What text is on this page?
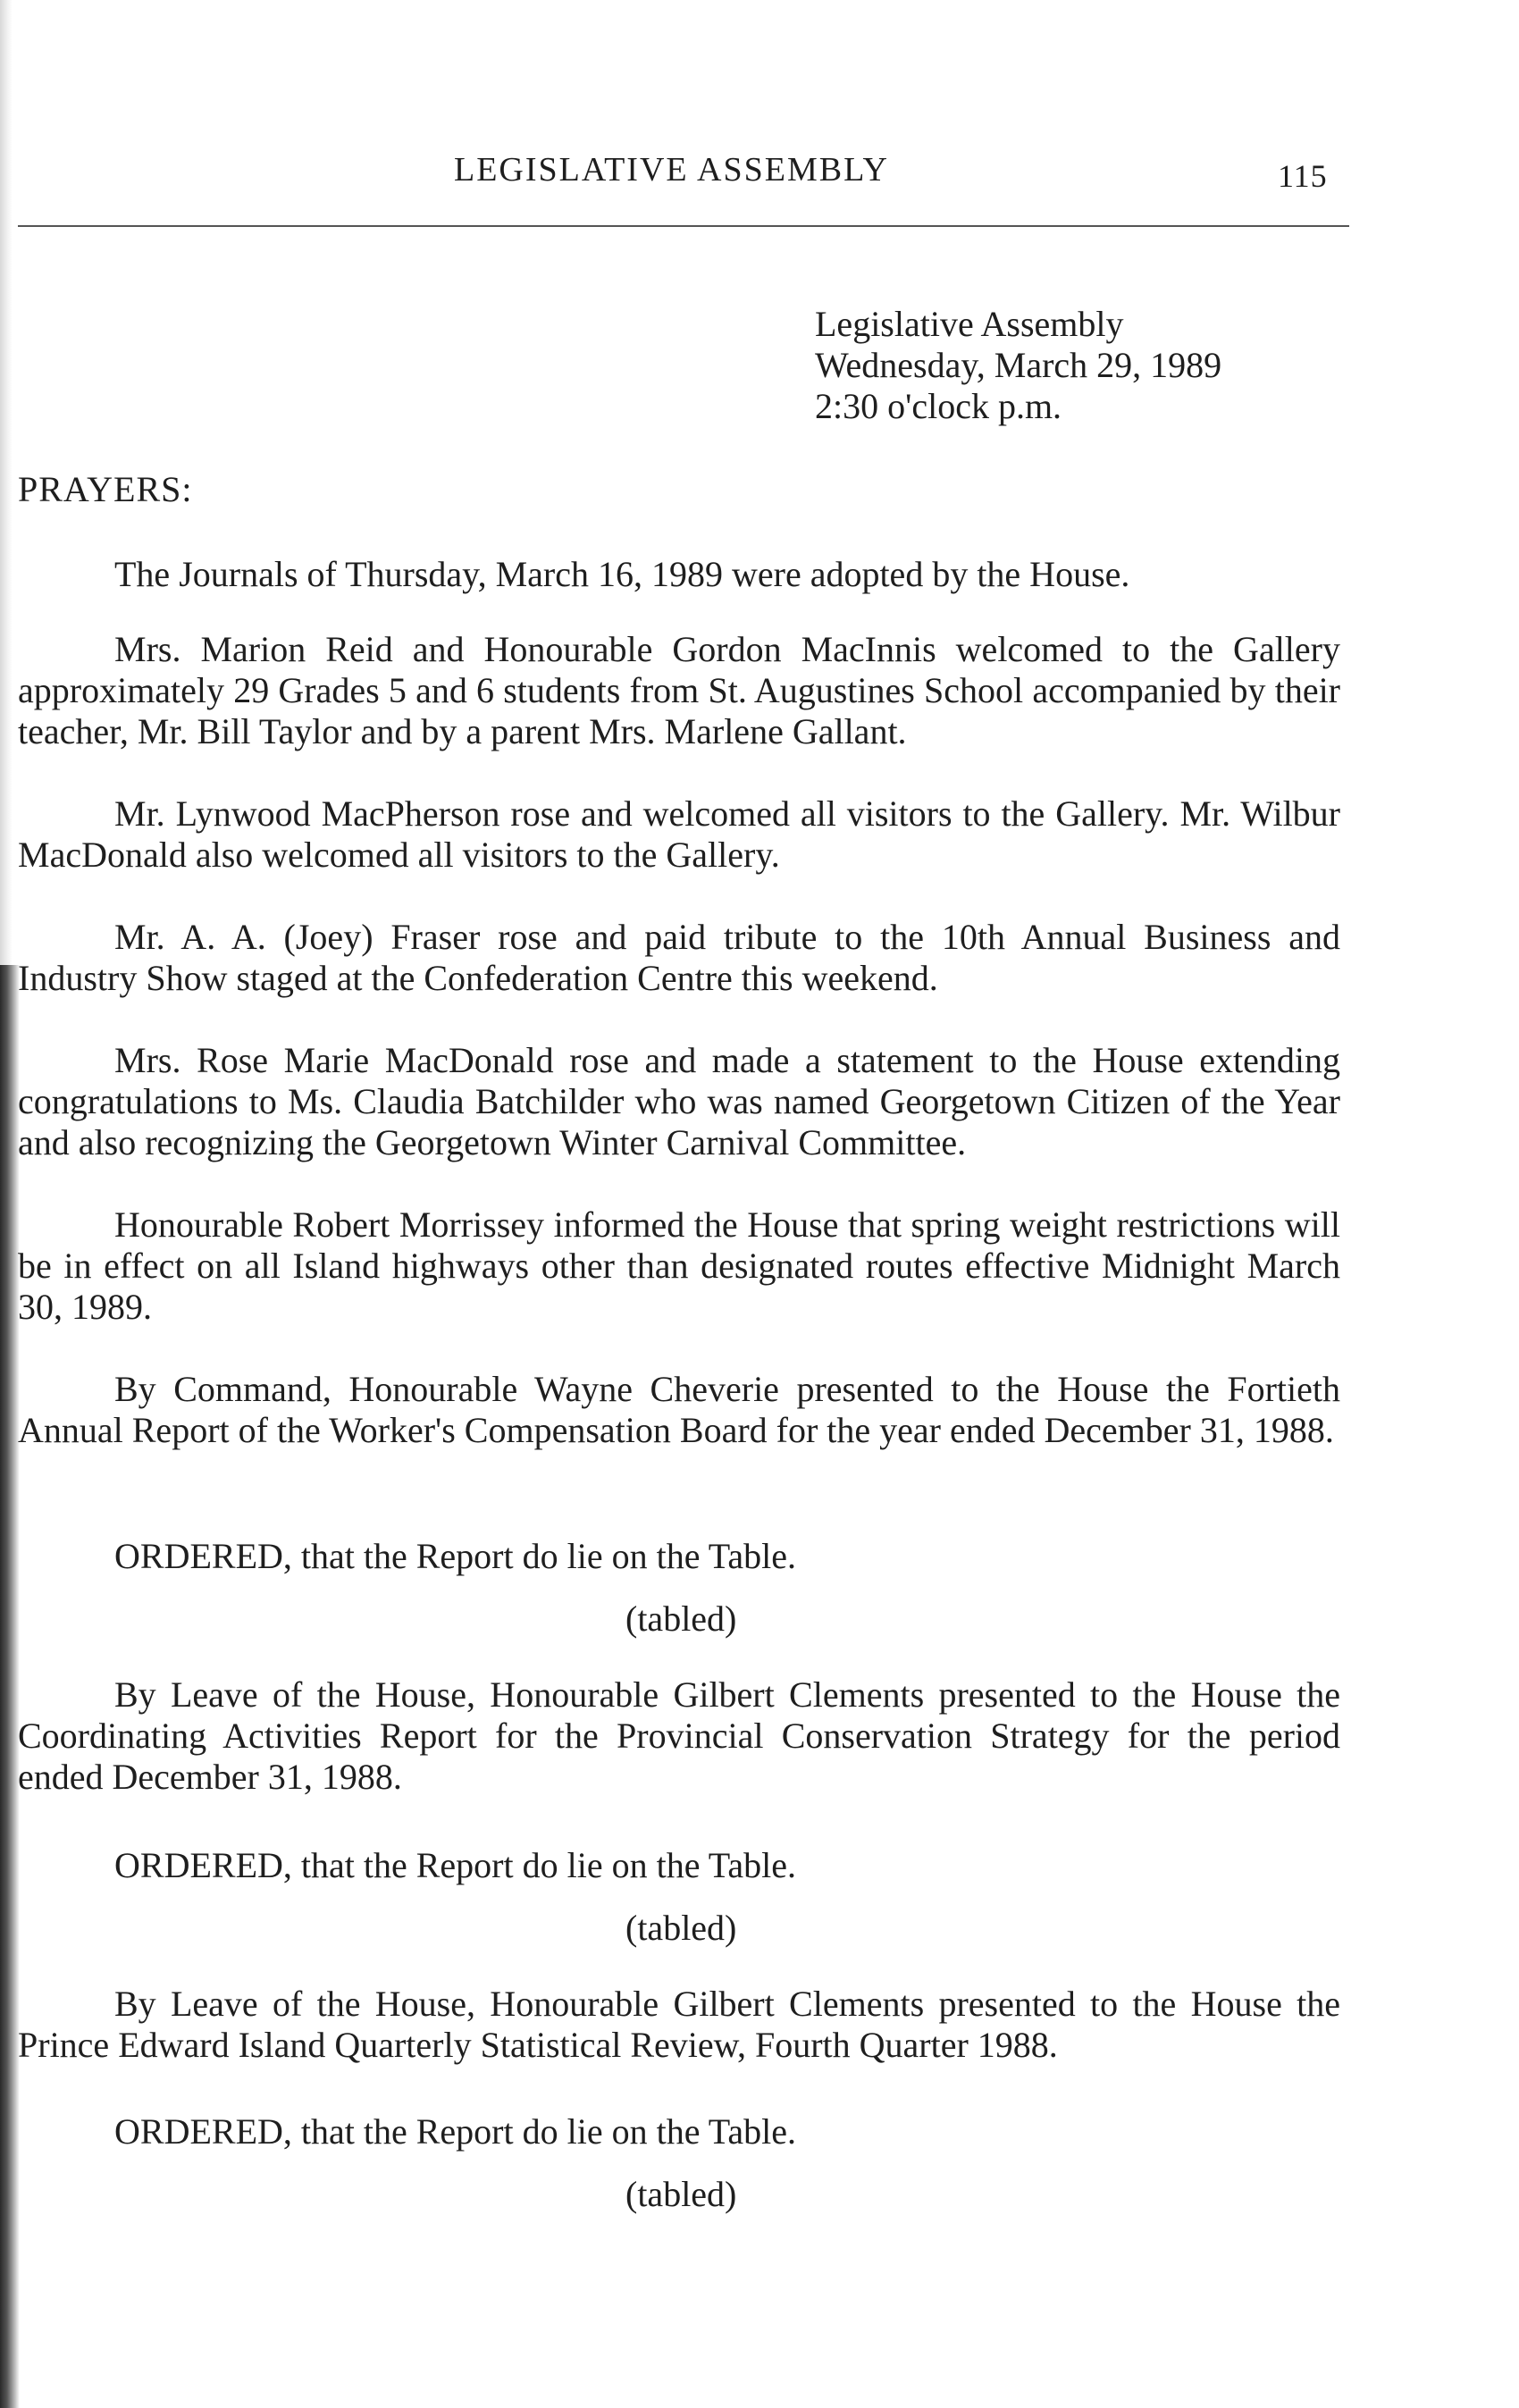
LEGISLATIVE ASSEMBLY	115
Legislative Assembly
Wednesday, March 29, 1989
2:30 o'clock p.m.
PRAYERS:

The Journals of Thursday, March 16, 1989 were adopted by the House.

Mrs. Marion Reid and Honourable Gordon MacInnis welcomed to the Gallery approximately 29 Grades 5 and 6 students from St. Augustines School accompanied by their teacher, Mr. Bill Taylor and by a parent Mrs. Marlene Gallant.

Mr. Lynwood MacPherson rose and welcomed all visitors to the Gallery. Mr. Wilbur MacDonald also welcomed all visitors to the Gallery.

Mr. A. A. (Joey) Fraser rose and paid tribute to the 10th Annual Business and Industry Show staged at the Confederation Centre this weekend.

Mrs. Rose Marie MacDonald rose and made a statement to the House extending congratulations to Ms. Claudia Batchilder who was named Georgetown Citizen of the Year and also recognizing the Georgetown Winter Carnival Committee.

Honourable Robert Morrissey informed the House that spring weight restrictions will be in effect on all Island highways other than designated routes effective Midnight March 30, 1989.

By Command, Honourable Wayne Cheverie presented to the House the Fortieth Annual Report of the Worker's Compensation Board for the year ended December 31, 1988.

ORDERED, that the Report do lie on the Table.
(tabled)

By Leave of the House, Honourable Gilbert Clements presented to the House the Coordinating Activities Report for the Provincial Conservation Strategy for the period ended December 31, 1988.

ORDERED, that the Report do lie on the Table.
(tabled)

By Leave of the House, Honourable Gilbert Clements presented to the House the Prince Edward Island Quarterly Statistical Review, Fourth Quarter 1988.

ORDERED, that the Report do lie on the Table.
(tabled)
